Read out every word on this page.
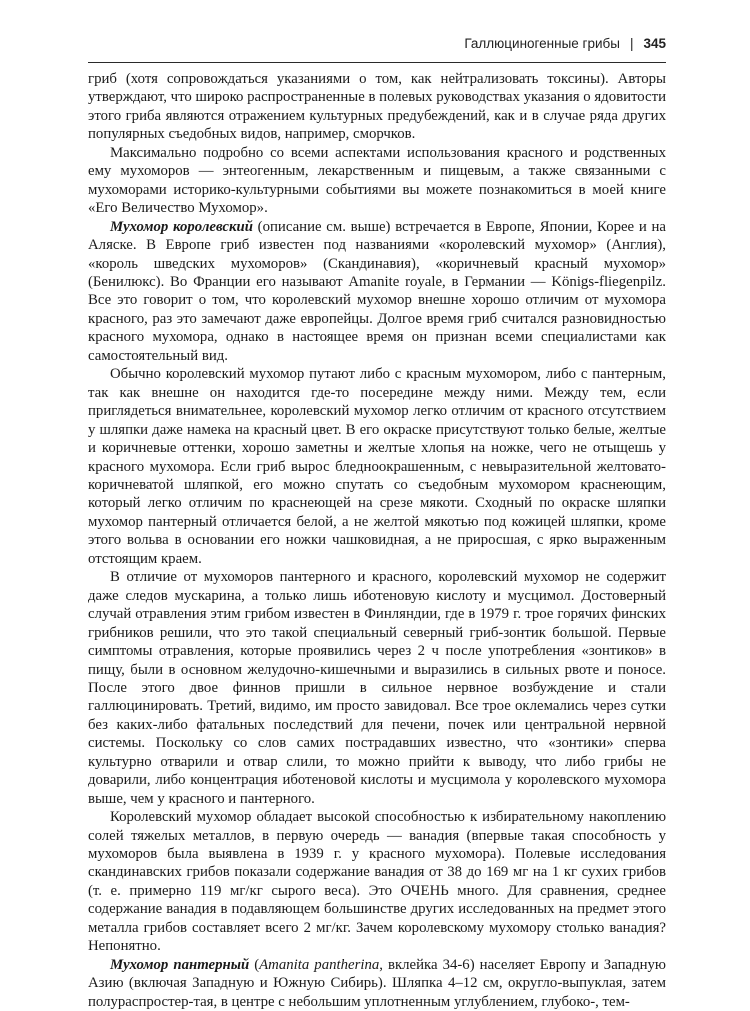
Галлюциногенные грибы | 345

гриб (хотя сопровождаться указаниями о том, как нейтрализовать токсины). Авторы утверждают, что широко распространенные в полевых руководствах указания о ядовитости этого гриба являются отражением культурных предубеждений, как и в случае ряда других популярных съедобных видов, например, сморчков.

Максимально подробно со всеми аспектами использования красного и родственных ему мухоморов — энтеогенным, лекарственным и пищевым, а также связанными с мухоморами историко-культурными событиями вы можете познакомиться в моей книге «Его Величество Мухомор».

Мухомор королевский (описание см. выше) встречается в Европе, Японии, Корее и на Аляске. В Европе гриб известен под названиями «королевский мухомор» (Англия), «король шведских мухоморов» (Скандинавия), «коричневый красный мухомор» (Бенилюкс). Во Франции его называют Amanite royale, в Германии — Königs-fliegenpilz. Все это говорит о том, что королевский мухомор внешне хорошо отличим от мухомора красного, раз это замечают даже европейцы. Долгое время гриб считался разновидностью красного мухомора, однако в настоящее время он признан всеми специалистами как самостоятельный вид.

Обычно королевский мухомор путают либо с красным мухомором, либо с пантерным, так как внешне он находится где-то посередине между ними. Между тем, если приглядеться внимательнее, королевский мухомор легко отличим от красного отсутствием у шляпки даже намека на красный цвет. В его окраске присутствуют только белые, желтые и коричневые оттенки, хорошо заметны и желтые хлопья на ножке, чего не отыщешь у красного мухомора. Если гриб вырос бледноокрашенным, с невыразительной желтовато-коричневатой шляпкой, его можно спутать со съедобным мухомором краснеющим, который легко отличим по краснеющей на срезе мякоти. Сходный по окраске шляпки мухомор пантерный отличается белой, а не желтой мякотью под кожицей шляпки, кроме этого вольва в основании его ножки чашковидная, а не приросшая, с ярко выраженным отстоящим краем.

В отличие от мухоморов пантерного и красного, королевский мухомор не содержит даже следов мускарина, а только лишь иботеновую кислоту и мусцимол. Достоверный случай отравления этим грибом известен в Финляндии, где в 1979 г. трое горячих финских грибников решили, что это такой специальный северный гриб-зонтик большой. Первые симптомы отравления, которые проявились через 2 ч после употребления «зонтиков» в пищу, были в основном желудочно-кишечными и выразились в сильных рвоте и поносе. После этого двое финнов пришли в сильное нервное возбуждение и стали галлюцинировать. Третий, видимо, им просто завидовал. Все трое оклемались через сутки без каких-либо фатальных последствий для печени, почек или центральной нервной системы. Поскольку со слов самих пострадавших известно, что «зонтики» сперва культурно отварили и отвар слили, то можно прийти к выводу, что либо грибы не доварили, либо концентрация иботеновой кислоты и мусцимола у королевского мухомора выше, чем у красного и пантерного.

Королевский мухомор обладает высокой способностью к избирательному накоплению солей тяжелых металлов, в первую очередь — ванадия (впервые такая способность у мухоморов была выявлена в 1939 г. у красного мухомора). Полевые исследования скандинавских грибов показали содержание ванадия от 38 до 169 мг на 1 кг сухих грибов (т. е. примерно 119 мг/кг сырого веса). Это ОЧЕНЬ много. Для сравнения, среднее содержание ванадия в подавляющем большинстве других исследованных на предмет этого металла грибов составляет всего 2 мг/кг. Зачем королевскому мухомору столько ванадия? Непонятно.

Мухомор пантерный (Amanita pantherina, вклейка 34-6) населяет Европу и Западную Азию (включая Западную и Южную Сибирь). Шляпка 4–12 см, округло-выпуклая, затем полураспростер-тая, в центре с небольшим уплотненным углублением, глубоко-, тем-
